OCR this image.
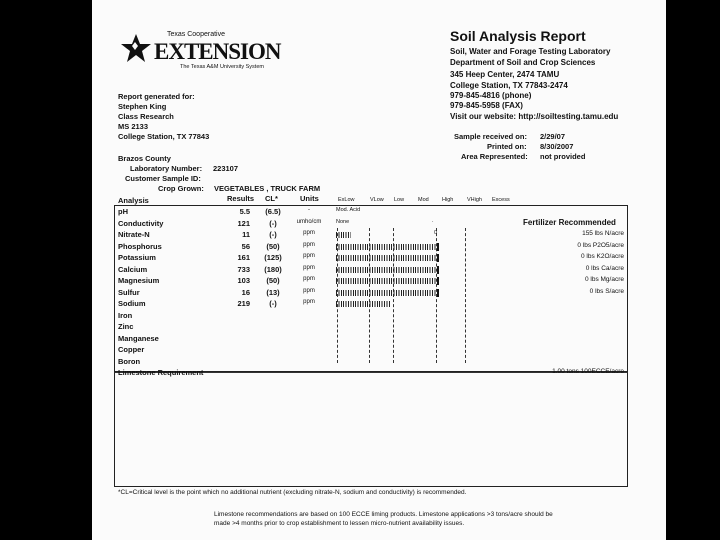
Texas Cooperative
EXTENSION
The Texas A&M University System
Soil Analysis Report
Soil, Water and Forage Testing Laboratory
Department of Soil and Crop Sciences
345 Heep Center, 2474 TAMU
College Station, TX 77843-2474
979-845-4816 (phone)
979-845-5958 (FAX)
Visit our website: http://soiltesting.tamu.edu
Report generated for:
Stephen King
Class Research
MS 2133
College Station, TX 77843	Sample received on: 2/29/07
Printed on: 8/30/2007
Area Represented: not provided
Brazos County
Laboratory Number: 223107
Customer Sample ID:
Crop Grown: VEGETABLES , TRUCK FARM
Analysis	Results CL*	Units	ExLow	VLow Low	Mod High VHigh Excess
Fertilizer Recommended
Mod. Acid
None	.
*CL=Critical level is the point which no additional nutrient (excluding nitrate-N, sodium and conductivity) is recommended.
Limestone recommendations are based on 100 ECCE liming products. Limestone applications >3 tons/acre should be
made >4 months prior to crop establishment to lessen micro-nutrient availability issues.
pH	5.5	(6.5)	-
Conductivity	121	(-)	umho/cm
Nitrate-N	11	(-)	ppm	155 lbs N/acre
Phosphorus	56	(50)	ppm	0 lbs P2O5/acre
Potassium	161	(125)	ppm	0 lbs K2O/acre
Calcium	733	(180)	ppm	0 lbs Ca/acre
Magnesium	103	(50)	ppm	0 lbs Mg/acre
Sulfur	16	(13)	ppm	0 lbs S/acre
Sodium	219	(-)	ppm
Iron
Zinc
Manganese
Copper
Boron
Limestone Requirement	1.00 tons 100ECCE/acre
0
